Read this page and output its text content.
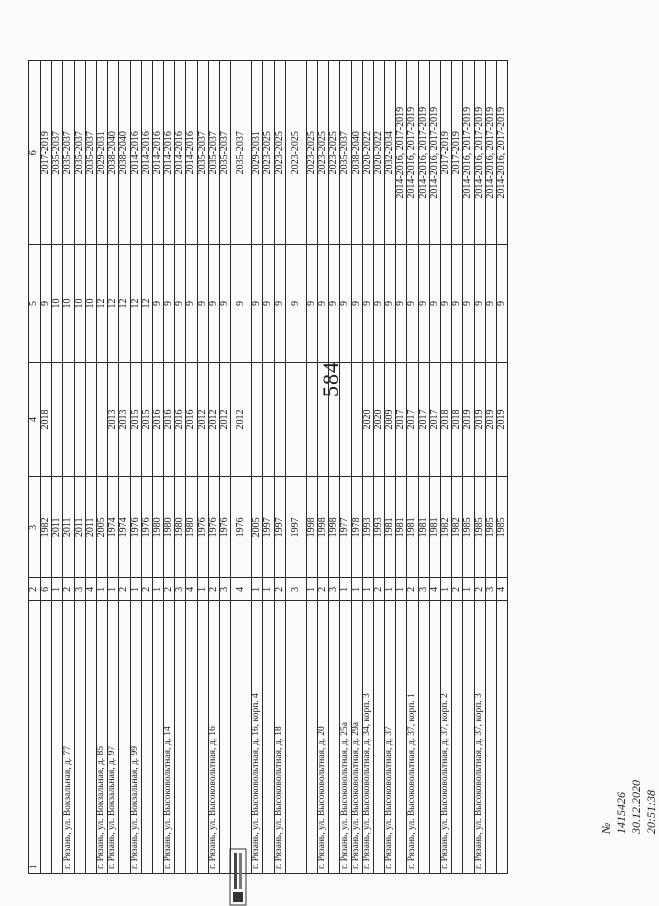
584
1	2	3	4	5	6
	6	1982	2018	9	2017-2019
	1	2011		10	2035-2037
г. Рязань, ул. Вокзальная, д. 77	2	2011		10	2035-2037
	3	2011		10	2035-2037
	4	2011		10	2035-2037
г. Рязань, ул. Вокзальная, д. 85	1	2005		12	2029-2031
г. Рязань, ул. Вокзальная, д. 97	1	1974	2013	12	2038-2040
	2	1974	2013	12	2038-2040
г. Рязань, ул. Вокзальная, д. 99	1	1976	2015	12	2014-2016
	2	1976	2015	12	2014-2016
	1	1980	2016	9	2014-2016
г. Рязань, ул. Высоковольтная, д. 14	2	1980	2016	9	2014-2016
	3	1980	2016	9	2014-2016
	4	1980	2016	9	2014-2016
	1	1976	2012	9	2035-2037
г. Рязань, ул. Высоковольтная, д. 16	2	1976	2012	9	2035-2037
	3	1976	2012	9	2035-2037
	4	1976	2012	9	2035-2037
г. Рязань, ул. Высоковольтная, д. 16, корп. 4	1	2005		9	2029-2031
	1	1997		9	2023-2025
г. Рязань, ул. Высоковольтная, д. 18	2	1997		9	2023-2025
	3	1997		9	2023-2025
	1	1998		9	2023-2025
г. Рязань, ул. Высоковольтная, д. 20	2	1998		9	2023-2025
	3	1998		9	2023-2025
г. Рязань, ул. Высоковольтная, д. 25а	1	1977		9	2035-2037
г. Рязань, ул. Высоковольтная, д. 29а	1	1978		9	2038-2040
г. Рязань, ул. Высоковольтная, д. 34, корп. 3	1	1993	2020	9	2020-2022
	2	1993	2020	9	2020-2022
г. Рязань, ул. Высоковольтная, д. 37	1	1981	2009	9	2032-2034
	1	1981	2017	9	2014-2016, 2017-2019
г. Рязань, ул. Высоковольтная, д. 37, корп. 1	2	1981	2017	9	2014-2016, 2017-2019
	3	1981	2017	9	2014-2016, 2017-2019
	4	1981	2017	9	2014-2016, 2017-2019
г. Рязань, ул. Высоковольтная, д. 37, корп. 2	1	1982	2018	9	2017-2019
	2	1982	2018	9	2017-2019
	1	1985	2019	9	2014-2016, 2017-2019
г. Рязань, ул. Высоковольтная, д. 37, корп. 3	2	1985	2019	9	2014-2016, 2017-2019
	3	1985	2019	9	2014-2016, 2017-2019
	4	1985	2019	9	2014-2016, 2017-2019
№ 1415426 30.12.2020 20:51:38
